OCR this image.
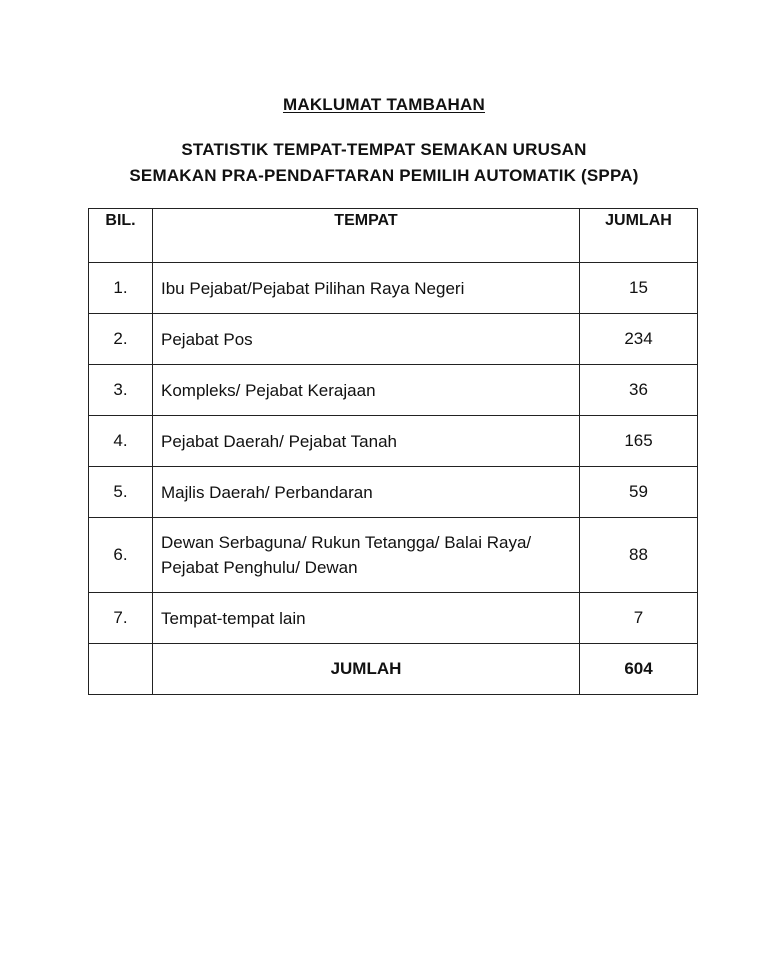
MAKLUMAT TAMBAHAN
STATISTIK TEMPAT-TEMPAT SEMAKAN URUSAN
SEMAKAN PRA-PENDAFTARAN PEMILIH AUTOMATIK (SPPA)
BIL.	TEMPAT	JUMLAH
1.	Ibu Pejabat/Pejabat Pilihan Raya Negeri	15
2.	Pejabat Pos	234
3.	Kompleks/ Pejabat Kerajaan	36
4.	Pejabat Daerah/ Pejabat Tanah	165
5.	Majlis Daerah/ Perbandaran	59
6.	Dewan Serbaguna/ Rukun Tetangga/ Balai Raya/ Pejabat Penghulu/ Dewan	88
7.	Tempat-tempat lain	7
	JUMLAH	604
